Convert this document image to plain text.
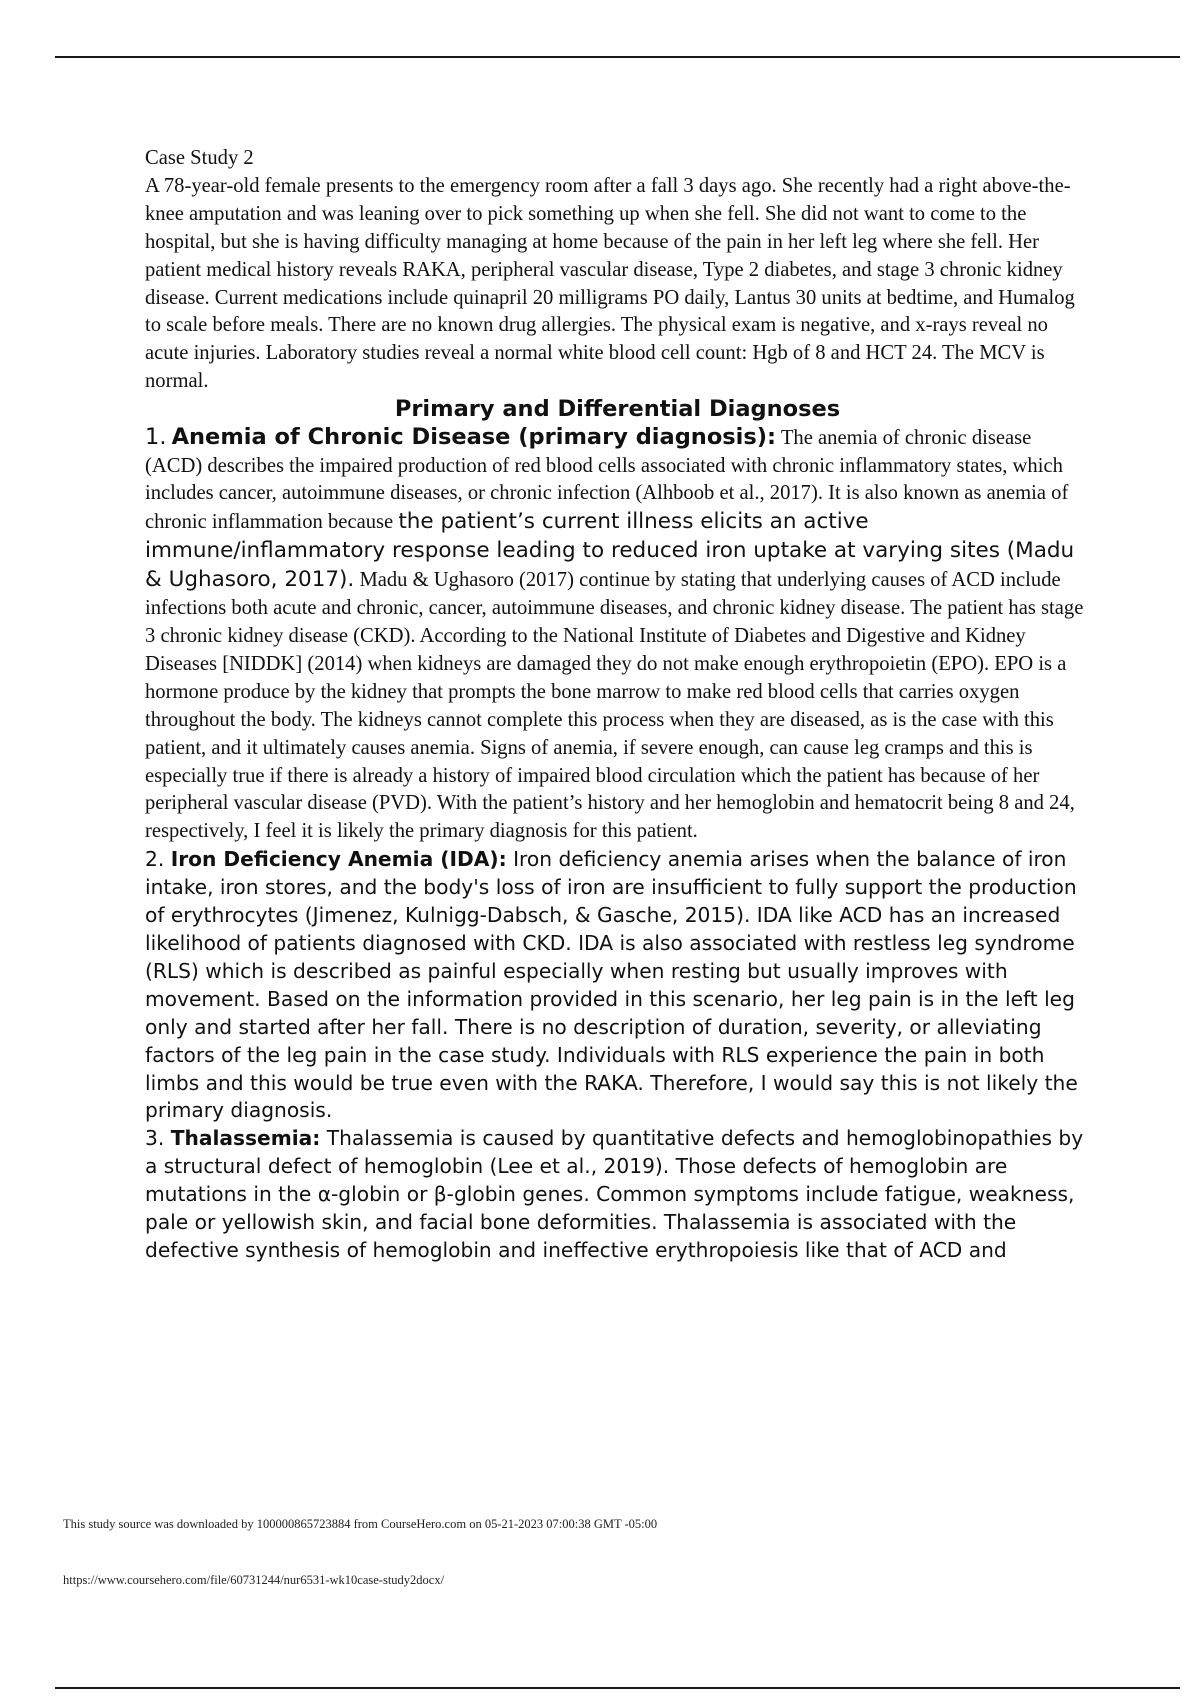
Case Study 2

A 78-year-old female presents to the emergency room after a fall 3 days ago. She recently had a right above-the-knee amputation and was leaning over to pick something up when she fell. She did not want to come to the hospital, but she is having difficulty managing at home because of the pain in her left leg where she fell. Her patient medical history reveals RAKA, peripheral vascular disease, Type 2 diabetes, and stage 3 chronic kidney disease. Current medications include quinapril 20 milligrams PO daily, Lantus 30 units at bedtime, and Humalog to scale before meals. There are no known drug allergies. The physical exam is negative, and x-rays reveal no acute injuries. Laboratory studies reveal a normal white blood cell count: Hgb of 8 and HCT 24. The MCV is normal.

Primary and Differential Diagnoses

1. Anemia of Chronic Disease (primary diagnosis): The anemia of chronic disease (ACD) describes the impaired production of red blood cells associated with chronic inflammatory states, which includes cancer, autoimmune diseases, or chronic infection (Alhboob et al., 2017). It is also known as anemia of chronic inflammation because the patient’s current illness elicits an active immune/inflammatory response leading to reduced iron uptake at varying sites (Madu & Ughasoro, 2017). Madu & Ughasoro (2017) continue by stating that underlying causes of ACD include infections both acute and chronic, cancer, autoimmune diseases, and chronic kidney disease. The patient has stage 3 chronic kidney disease (CKD). According to the National Institute of Diabetes and Digestive and Kidney Diseases [NIDDK] (2014) when kidneys are damaged they do not make enough erythropoietin (EPO). EPO is a hormone produce by the kidney that prompts the bone marrow to make red blood cells that carries oxygen throughout the body. The kidneys cannot complete this process when they are diseased, as is the case with this patient, and it ultimately causes anemia. Signs of anemia, if severe enough, can cause leg cramps and this is especially true if there is already a history of impaired blood circulation which the patient has because of her peripheral vascular disease (PVD). With the patient’s history and her hemoglobin and hematocrit being 8 and 24, respectively, I feel it is likely the primary diagnosis for this patient.

2. Iron Deficiency Anemia (IDA): Iron deficiency anemia arises when the balance of iron intake, iron stores, and the body's loss of iron are insufficient to fully support the production of erythrocytes (Jimenez, Kulnigg-Dabsch, & Gasche, 2015). IDA like ACD has an increased likelihood of patients diagnosed with CKD. IDA is also associated with restless leg syndrome (RLS) which is described as painful especially when resting but usually improves with movement. Based on the information provided in this scenario, her leg pain is in the left leg only and started after her fall. There is no description of duration, severity, or alleviating factors of the leg pain in the case study. Individuals with RLS experience the pain in both limbs and this would be true even with the RAKA. Therefore, I would say this is not likely the primary diagnosis.

3. Thalassemia: Thalassemia is caused by quantitative defects and hemoglobinopathies by a structural defect of hemoglobin (Lee et al., 2019). Those defects of hemoglobin are mutations in the α-globin or β-globin genes. Common symptoms include fatigue, weakness, pale or yellowish skin, and facial bone deformities. Thalassemia is associated with the defective synthesis of hemoglobin and ineffective erythropoiesis like that of ACD and

This study source was downloaded by 100000865723884 from CourseHero.com on 05-21-2023 07:00:38 GMT -05:00
https://www.coursehero.com/file/60731244/nur6531-wk10case-study2docx/
